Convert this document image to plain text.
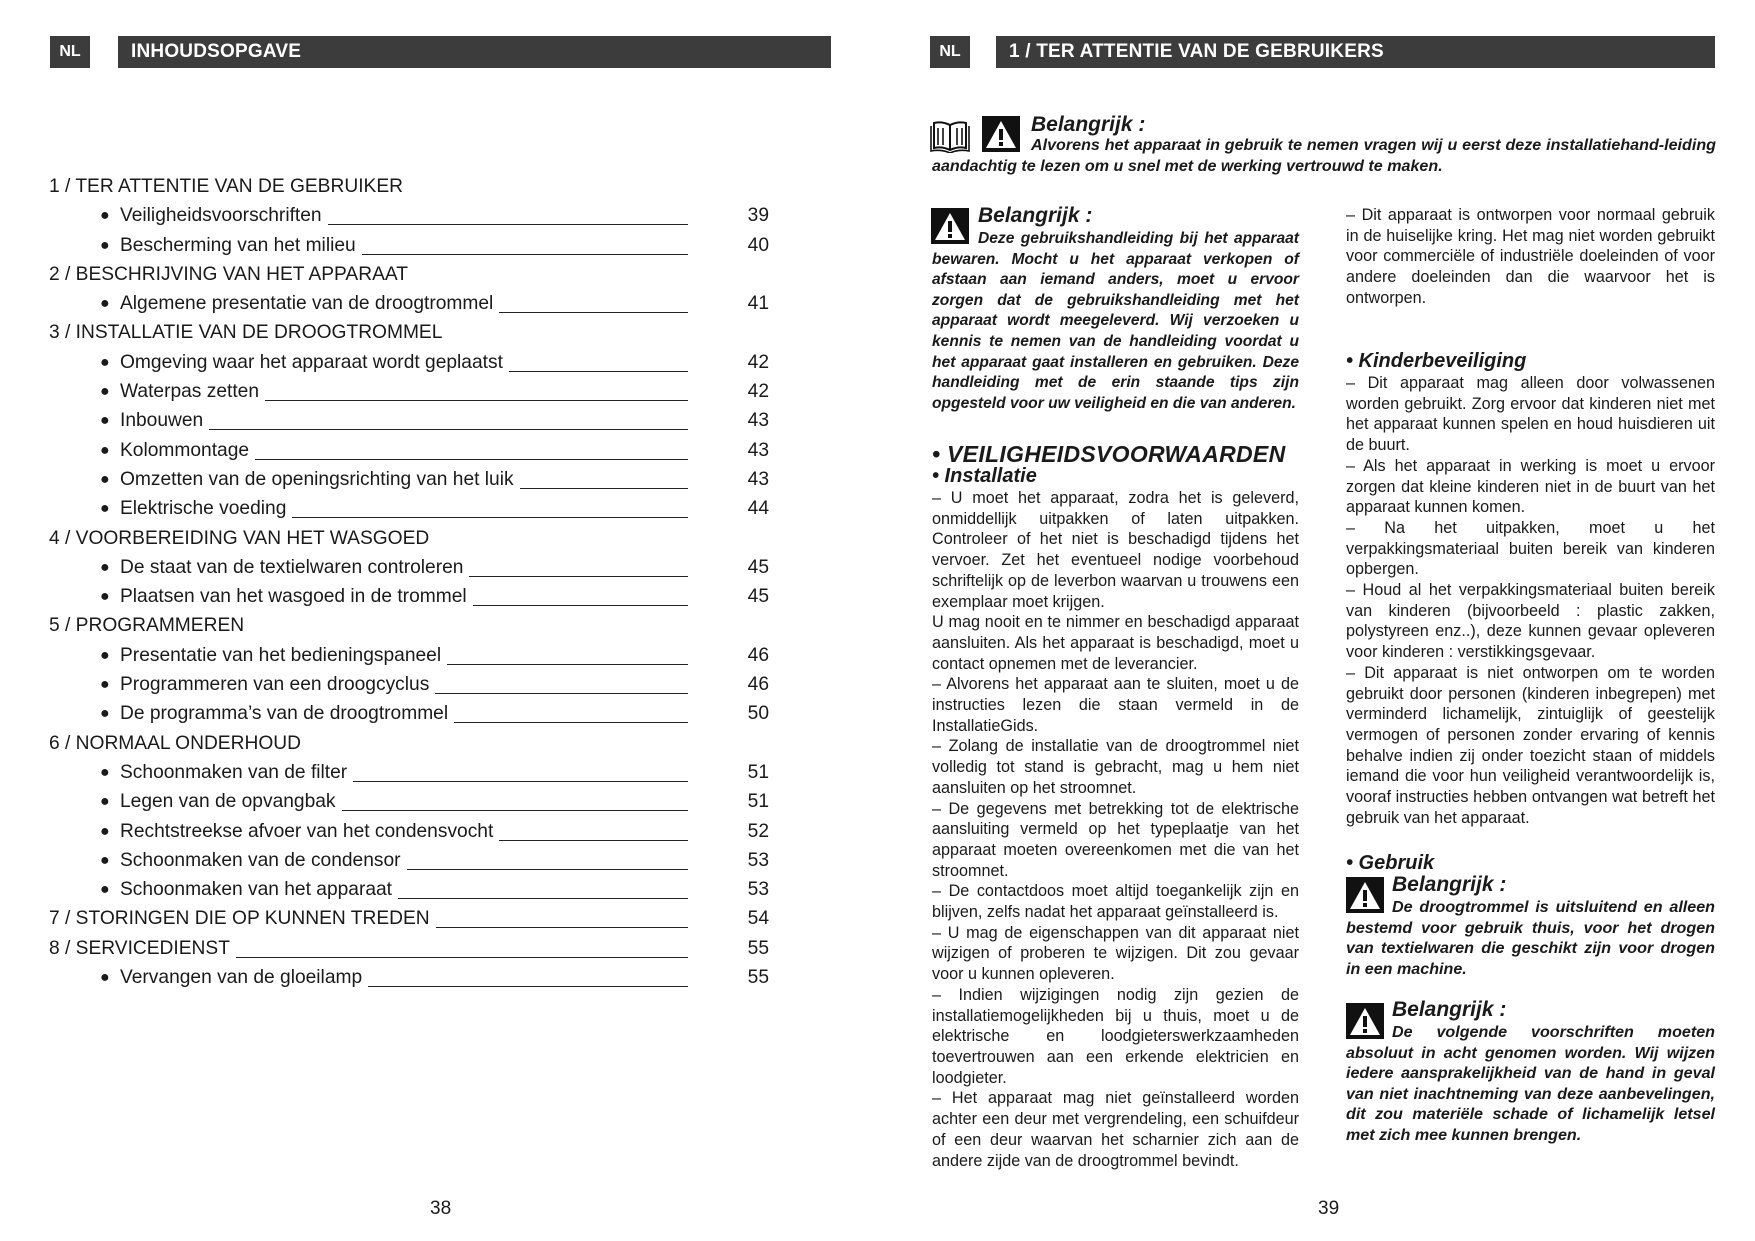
NL	INHOUDSOPGAVE
1 / TER ATTENTIE VAN DE GEBRUIKER
● Veiligheidsvoorschriften	39
● Bescherming van het milieu	40
2 / BESCHRIJVING VAN HET APPARAAT
● Algemene presentatie van de droogtrommel	41
3 / INSTALLATIE VAN DE DROOGTROMMEL
● Omgeving waar het apparaat wordt geplaatst	42
● Waterpas zetten	42
● Inbouwen	43
● Kolommontage	43
● Omzetten van de openingsrichting van het luik	43
● Elektrische voeding	44
4 / VOORBEREIDING VAN HET WASGOED
● De staat van de textielwaren controleren	45
● Plaatsen van het wasgoed in de trommel	45
5 / PROGRAMMEREN
● Presentatie van het bedieningspaneel	46
● Programmeren van een droogcyclus	46
● De programma’s van de droogtrommel	50
6 / NORMAAL ONDERHOUD
● Schoonmaken van de filter	51
● Legen van de opvangbak	51
● Rechtstreekse afvoer van het condensvocht	52
● Schoonmaken van de condensor	53
● Schoonmaken van het apparaat	53
7 / STORINGEN DIE OP KUNNEN TREDEN	54
8 / SERVICEDIENST	55
● Vervangen van de gloeilamp	55
38
NL	1 / TER ATTENTIE VAN DE GEBRUIKERS
Belangrijk :
Alvorens het apparaat in gebruik te nemen vragen wij u eerst deze installatiehand-leiding aandachtig te lezen om u snel met de werking vertrouwd te maken.
Belangrijk :
Deze gebruikshandleiding bij het apparaat bewaren. Mocht u het apparaat verkopen of afstaan aan iemand anders, moet u ervoor zorgen dat de gebruikshandleiding met het apparaat wordt meegeleverd. Wij verzoeken u kennis te nemen van de handleiding voordat u het apparaat gaat installeren en gebruiken. Deze handleiding met de erin staande tips zijn opgesteld voor uw veiligheid en die van anderen.
• VEILIGHEIDSVOORWAARDEN
• Installatie

– U moet het apparaat, zodra het is geleverd, onmiddellijk uitpakken of laten uitpakken. Controleer of het niet is beschadigd tijdens het vervoer. Zet het eventueel nodige voorbehoud schriftelijk op de leverbon waarvan u trouwens een exemplaar moet krijgen.

U mag nooit en te nimmer en beschadigd apparaat aansluiten. Als het apparaat is beschadigd, moet u contact opnemen met de leverancier.

– Alvorens het apparaat aan te sluiten, moet u de instructies lezen die staan vermeld in de InstallatieGids.

– Zolang de installatie van de droogtrommel niet volledig tot stand is gebracht, mag u hem niet aansluiten op het stroomnet.

– De gegevens met betrekking tot de elektrische aansluiting vermeld op het typeplaatje van het apparaat moeten overeenkomen met die van het stroomnet.

– De contactdoos moet altijd toegankelijk zijn en blijven, zelfs nadat het apparaat geïnstalleerd is.

– U mag de eigenschappen van dit apparaat niet wijzigen of proberen te wijzigen. Dit zou gevaar voor u kunnen opleveren.

– Indien wijzigingen nodig zijn gezien de installatiemogelijkheden bij u thuis, moet u de elektrische en loodgieterswerkzaamheden toevertrouwen aan een erkende elektricien en loodgieter.

– Het apparaat mag niet geïnstalleerd worden achter een deur met vergrendeling, een schuifdeur of een deur waarvan het scharnier zich aan de andere zijde van de droogtrommel bevindt.

– Dit apparaat is ontworpen voor normaal gebruik in de huiselijke kring. Het mag niet worden gebruikt voor commerciële of industriële doeleinden of voor andere doeleinden dan die waarvoor het is ontworpen.
• Kinderbeveiliging

– Dit apparaat mag alleen door volwassenen worden gebruikt. Zorg ervoor dat kinderen niet met het apparaat kunnen spelen en houd huisdieren uit de buurt.

– Als het apparaat in werking is moet u ervoor zorgen dat kleine kinderen niet in de buurt van het apparaat kunnen komen.

– Na het uitpakken, moet u het verpakkingsmateriaal buiten bereik van kinderen opbergen.

– Houd al het verpakkingsmateriaal buiten bereik van kinderen (bijvoorbeeld : plastic zakken, polystyreen enz..), deze kunnen gevaar opleveren voor kinderen : verstikkingsgevaar.

– Dit apparaat is niet ontworpen om te worden gebruikt door personen (kinderen inbegrepen) met verminderd lichamelijk, zintuiglijk of geestelijk vermogen of personen zonder ervaring of kennis behalve indien zij onder toezicht staan of middels iemand die voor hun veiligheid verantwoordelijk is, vooraf instructies hebben ontvangen wat betreft het gebruik van het apparaat.

• Gebruik
Belangrijk :
De droogtrommel is uitsluitend en alleen bestemd voor gebruik thuis, voor het drogen van textielwaren die geschikt zijn voor drogen in een machine.
Belangrijk :
De volgende voorschriften moeten absoluut in acht genomen worden. Wij wijzen iedere aansprakelijkheid van de hand in geval van niet inachtneming van deze aanbevelingen, dit zou materiële schade of lichamelijk letsel met zich mee kunnen brengen.
39
